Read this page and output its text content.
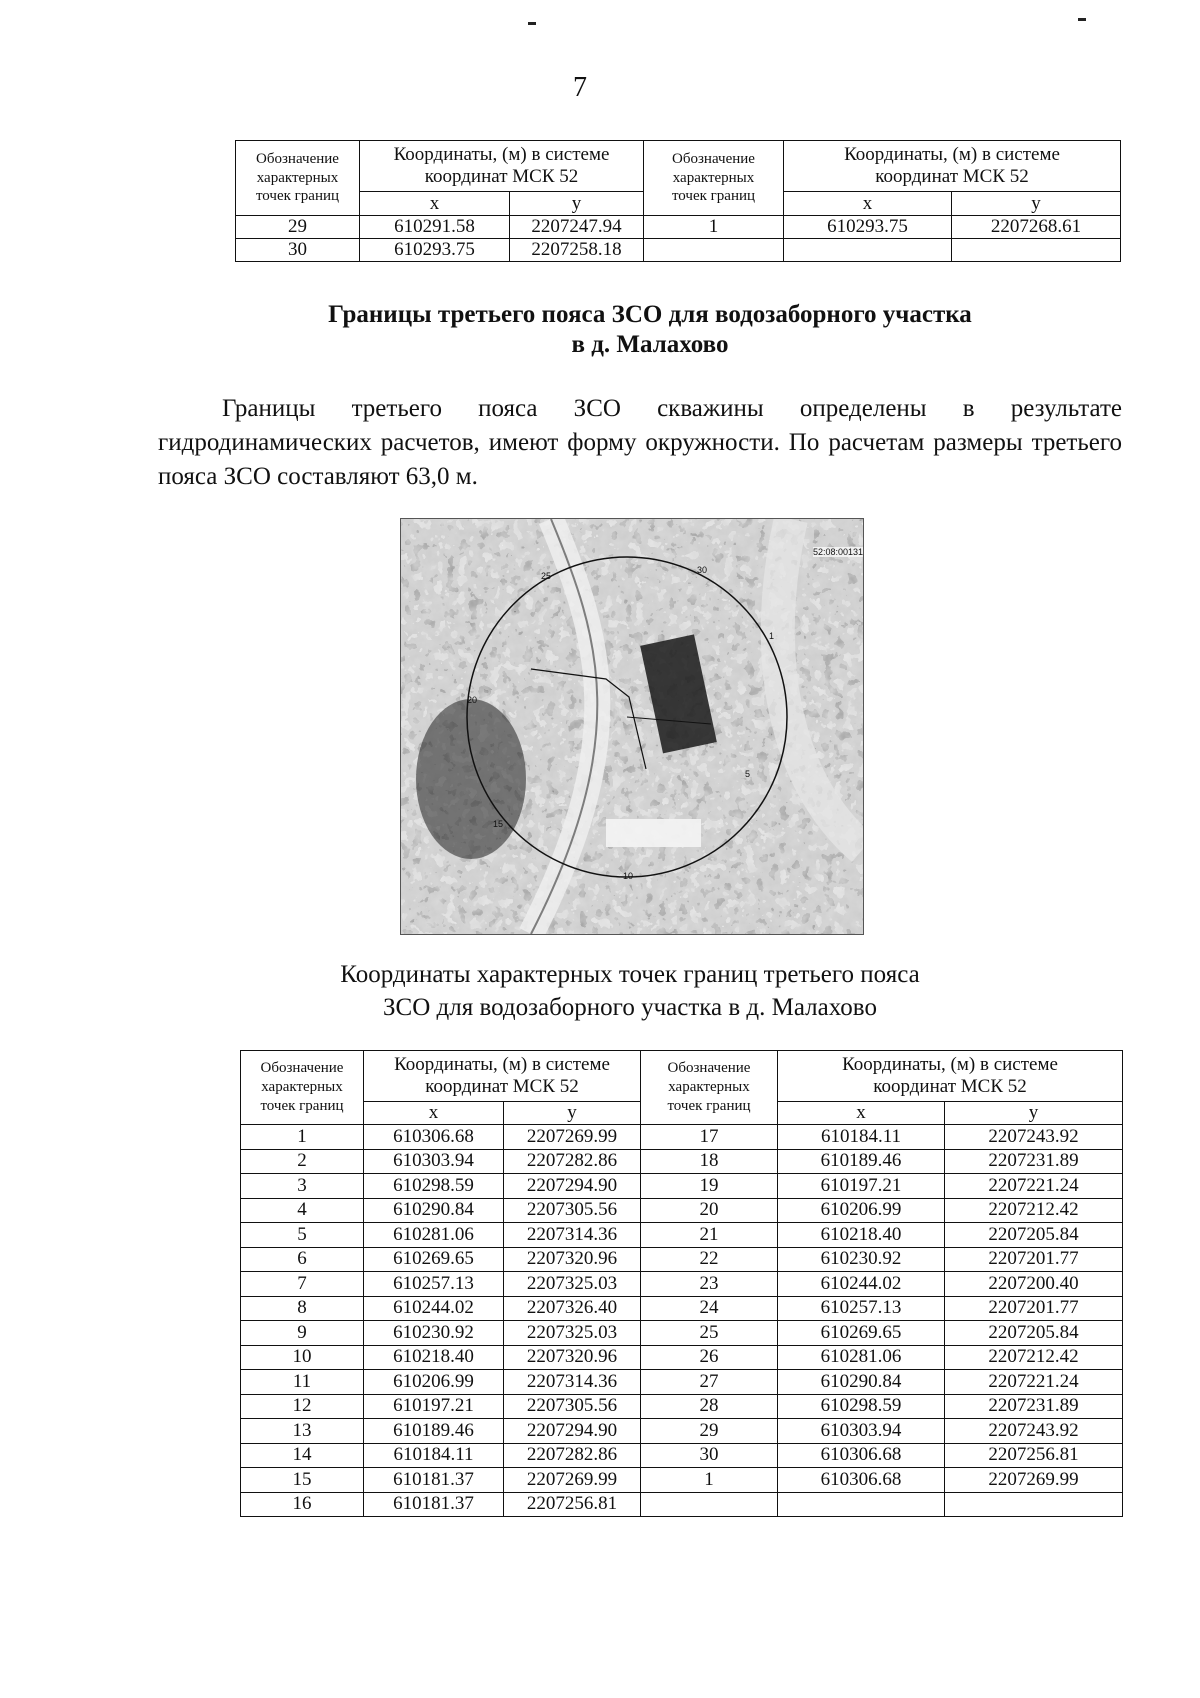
7
Обозначение
характерных
точек границ	Координаты, (м) в системе
координат МСК 52		Обозначение
характерных
точек границ	Координаты, (м) в системе
координат МСК 52	
	x	y		x	y
29	610291.58	2207247.94	1	610293.75	2207268.61
30	610293.75	2207258.18			
Границы третьего пояса ЗСО для водозаборного участка
в д. Малахово
Границы третьего пояса ЗСО скважины определены в результате гидродинамических расчетов, имеют форму окружности. По расчетам размеры третьего пояса ЗСО составляют 63,0 м.
52:08:00131
1
5
10
15
20
25
30
Координаты характерных точек границ третьего пояса
ЗСО для водозаборного участка в д. Малахово
Обозначение
характерных
точек границ	Координаты, (м) в системе
координат МСК 52		Обозначение
характерных
точек границ	Координаты, (м) в системе
координат МСК 52	
	x	y		x	y
1	610306.68	2207269.99	17	610184.11	2207243.92
2	610303.94	2207282.86	18	610189.46	2207231.89
3	610298.59	2207294.90	19	610197.21	2207221.24
4	610290.84	2207305.56	20	610206.99	2207212.42
5	610281.06	2207314.36	21	610218.40	2207205.84
6	610269.65	2207320.96	22	610230.92	2207201.77
7	610257.13	2207325.03	23	610244.02	2207200.40
8	610244.02	2207326.40	24	610257.13	2207201.77
9	610230.92	2207325.03	25	610269.65	2207205.84
10	610218.40	2207320.96	26	610281.06	2207212.42
11	610206.99	2207314.36	27	610290.84	2207221.24
12	610197.21	2207305.56	28	610298.59	2207231.89
13	610189.46	2207294.90	29	610303.94	2207243.92
14	610184.11	2207282.86	30	610306.68	2207256.81
15	610181.37	2207269.99	1	610306.68	2207269.99
16	610181.37	2207256.81			
